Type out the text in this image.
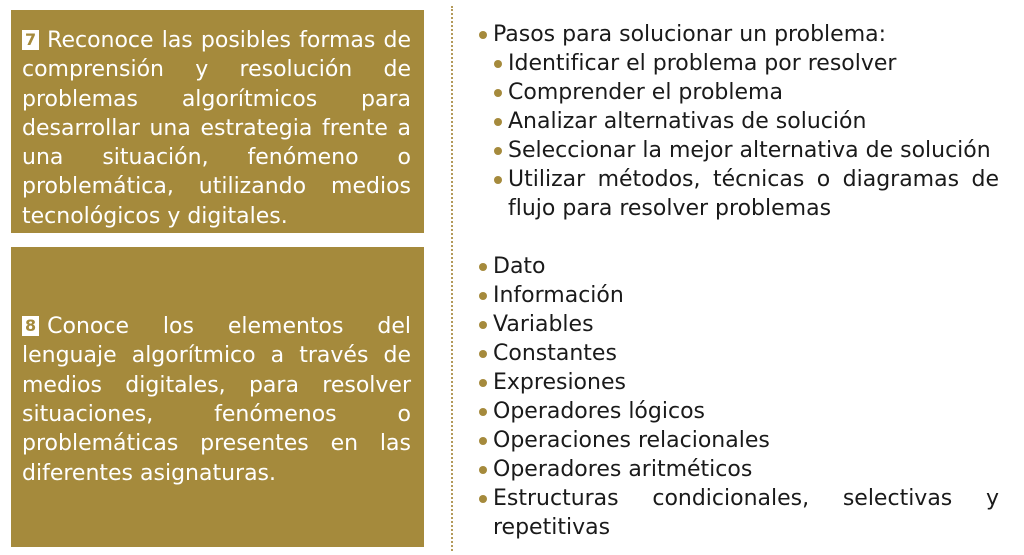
7 Reconoce las posibles formas de comprensión y resolución de problemas algorítmicos para desarrollar una estrategia frente a una situación, fenómeno o problemática, utilizando medios tecnológicos y digitales.
8 Conoce los elementos del lenguaje algorítmico a través de medios digitales, para resolver situaciones, fenómenos o problemáticas presentes en las diferentes asignaturas.
Pasos para solucionar un problema:
Identificar el problema por resolver
Comprender el problema
Analizar alternativas de solución
Seleccionar la mejor alternativa de solución
Utilizar métodos, técnicas o diagramas de flujo para resolver problemas
Dato
Información
Variables
Constantes
Expresiones
Operadores lógicos
Operaciones relacionales
Operadores aritméticos
Estructuras condicionales, selectivas y repetitivas
